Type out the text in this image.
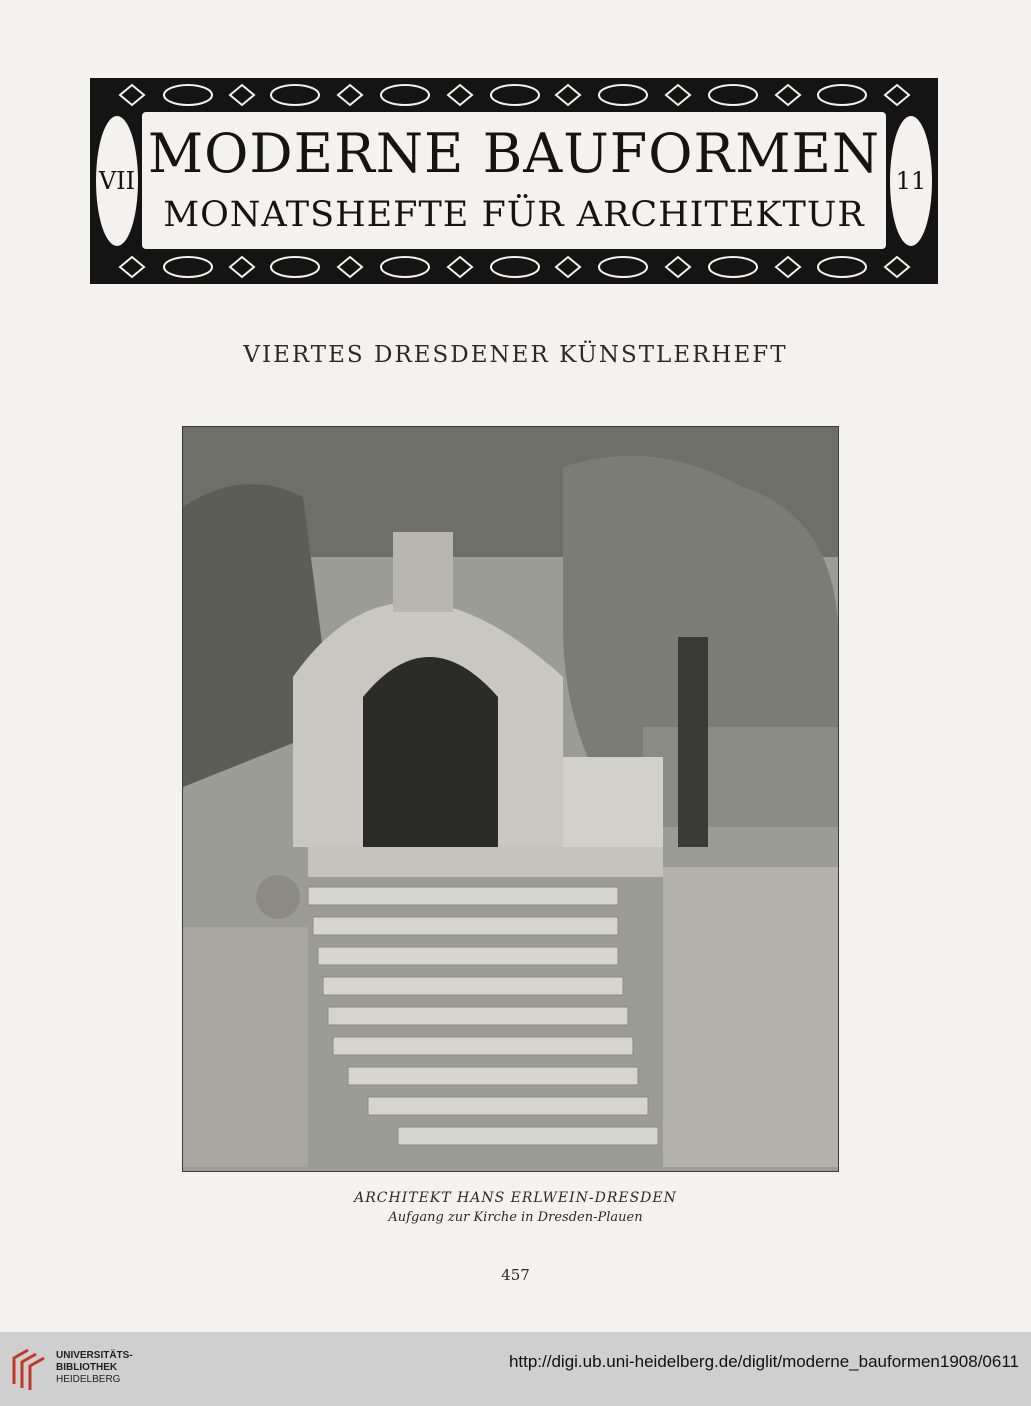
VII MODERNE BAUFORMEN
MONATSHEFTE FÜR ARCHITEKTUR
11
VIERTES DRESDENER KÜNSTLERHEFT
ARCHITEKT HANS ERLWEIN-DRESDEN
Aufgang zur Kirche in Dresden-Plauen
457
UNIVERSITÄTS-
BIBLIOTHEK
HEIDELBERG
http://digi.ub.uni-heidelberg.de/diglit/moderne_bauformen1908/0611
